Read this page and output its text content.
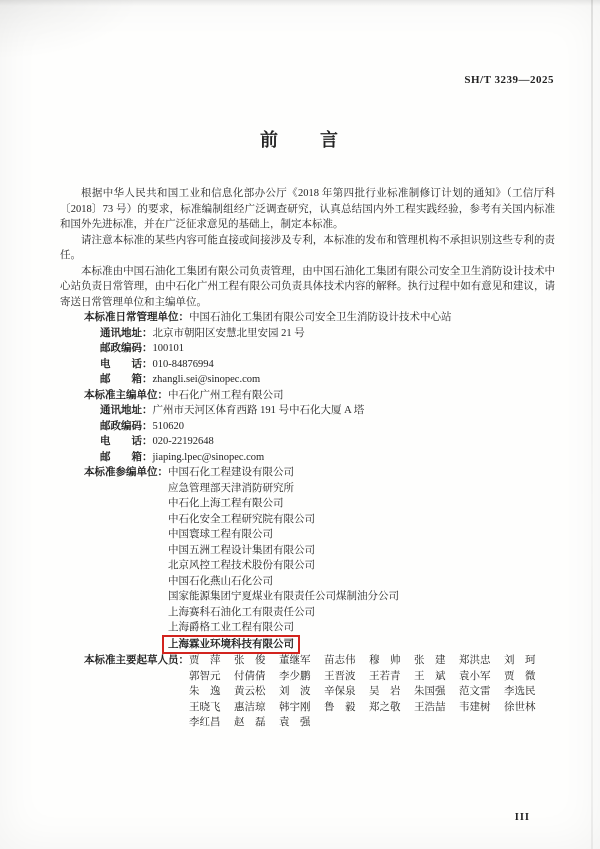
SH/T 3239—2025
前　　言

根据中华人民共和国工业和信息化部办公厅《2018 年第四批行业标准制修订计划的通知》（工信厅科〔2018〕73 号）的要求，标准编制组经广泛调查研究，认真总结国内外工程实践经验，参考有关国内标准和国外先进标准，并在广泛征求意见的基础上，制定本标准。

请注意本标准的某些内容可能直接或间接涉及专利，本标准的发布和管理机构不承担识别这些专利的责任。

本标准由中国石油化工集团有限公司负责管理，由中国石油化工集团有限公司安全卫生消防设计技术中心站负责日常管理，由中石化广州工程有限公司负责具体技术内容的解释。执行过程中如有意见和建议，请寄送日常管理单位和主编单位。

本标准日常管理单位：中国石油化工集团有限公司安全卫生消防设计技术中心站
通讯地址：北京市朝阳区安慧北里安园 21 号
邮政编码：100101
电　　话：010-84876994
邮　　箱：zhangli.sei@sinopec.com
本标准主编单位：中石化广州工程有限公司
通讯地址：广州市天河区体育西路 191 号中石化大厦 A 塔
邮政编码：510620
电　　话：020-22192648
邮　　箱：jiaping.lpec@sinopec.com
本标准参编单位： 中国石化工程建设有限公司
应急管理部天津消防研究所
中石化上海工程有限公司
中石化安全工程研究院有限公司
中国寰球工程有限公司
中国五洲工程设计集团有限公司
北京风控工程技术股份有限公司
中国石化燕山石化公司
国家能源集团宁夏煤业有限责任公司煤制油分公司
上海赛科石油化工有限责任公司
上海爵格工业工程有限公司
上海霖业环境科技有限公司
本标准主要起草人员： 贾　萍 张　俊 董继军 苗志伟 穆　帅 张　建 郑洪忠 刘　珂
郭智元 付倩倩 李少鹏 王晋波 王若青 王　斌 袁小军 贾　微
朱　逸 黄云松 刘　波 辛保泉 吴　岩 朱国强 范文雷 李选民
王晓飞 惠洁琼 韩宇刚 鲁　毅 郑之敬 王浩喆 韦建树 徐世林
李红昌 赵　磊 袁　强
III
